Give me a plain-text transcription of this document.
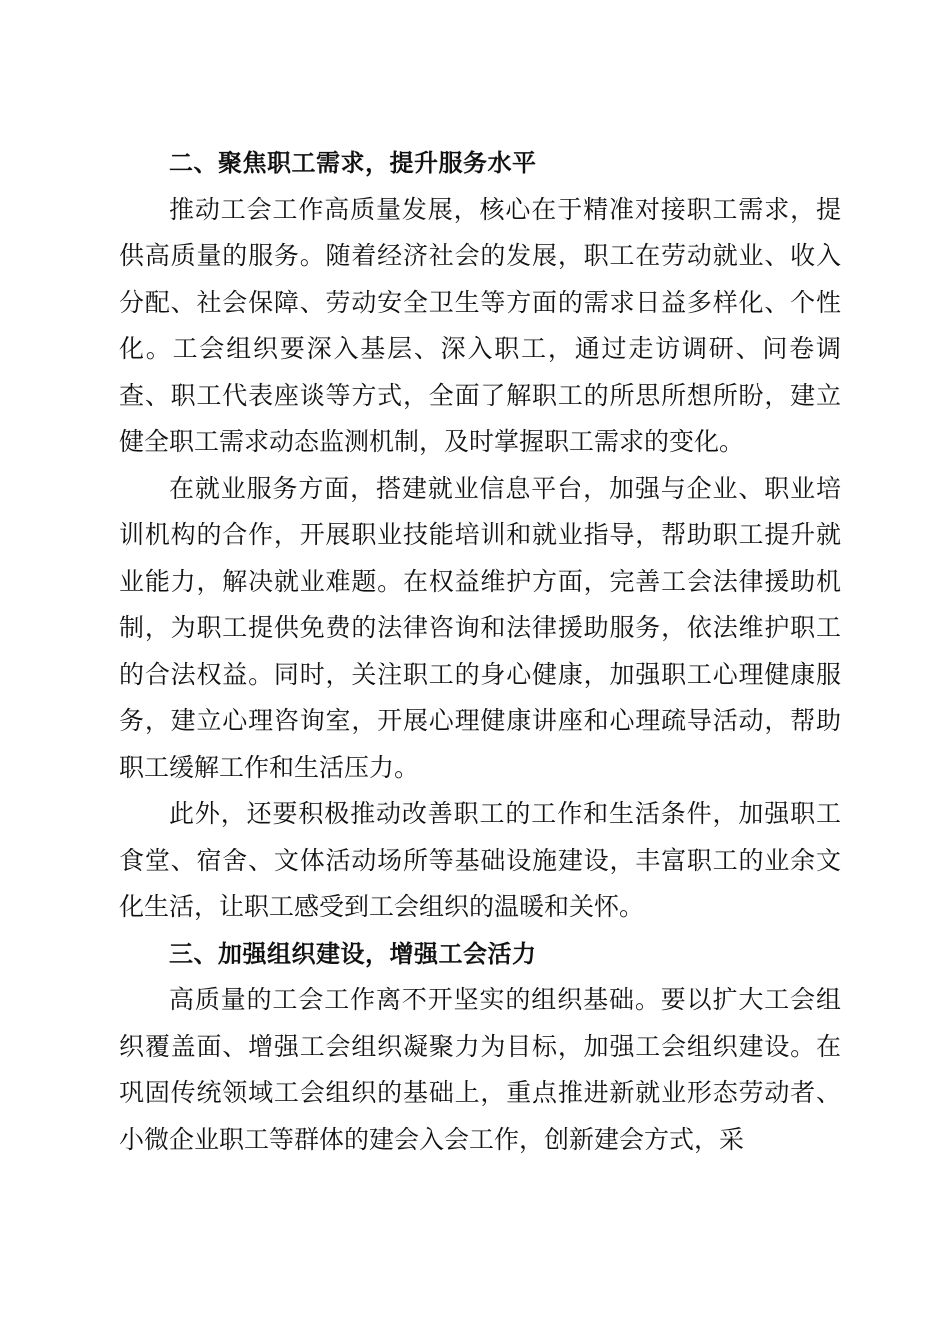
二、聚焦职工需求，提升服务水平

推动工会工作高质量发展，核心在于精准对接职工需求，提供高质量的服务。随着经济社会的发展，职工在劳动就业、收入分配、社会保障、劳动安全卫生等方面的需求日益多样化、个性化。工会组织要深入基层、深入职工，通过走访调研、问卷调查、职工代表座谈等方式，全面了解职工的所思所想所盼，建立健全职工需求动态监测机制，及时掌握职工需求的变化。

在就业服务方面，搭建就业信息平台，加强与企业、职业培训机构的合作，开展职业技能培训和就业指导，帮助职工提升就业能力，解决就业难题。在权益维护方面，完善工会法律援助机制，为职工提供免费的法律咨询和法律援助服务，依法维护职工的合法权益。同时，关注职工的身心健康，加强职工心理健康服务，建立心理咨询室，开展心理健康讲座和心理疏导活动，帮助职工缓解工作和生活压力。

此外，还要积极推动改善职工的工作和生活条件，加强职工食堂、宿舍、文体活动场所等基础设施建设，丰富职工的业余文化生活，让职工感受到工会组织的温暖和关怀。

三、加强组织建设，增强工会活力

高质量的工会工作离不开坚实的组织基础。要以扩大工会组织覆盖面、增强工会组织凝聚力为目标，加强工会组织建设。在巩固传统领域工会组织的基础上，重点推进新就业形态劳动者、小微企业职工等群体的建会入会工作，创新建会方式，采
